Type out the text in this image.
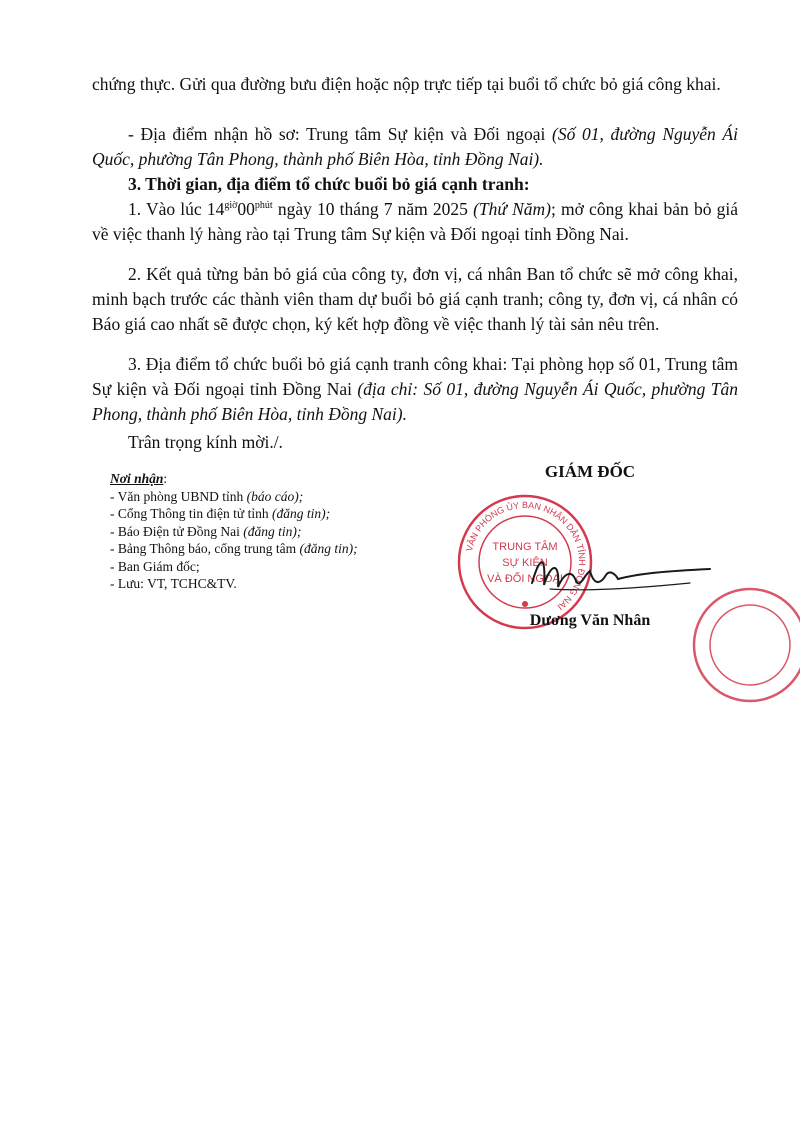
chứng thực. Gửi qua đường bưu điện hoặc nộp trực tiếp tại buổi tổ chức bỏ giá công khai.
- Địa điểm nhận hồ sơ: Trung tâm Sự kiện và Đối ngoại (Số 01, đường Nguyễn Ái Quốc, phường Tân Phong, thành phố Biên Hòa, tỉnh Đồng Nai).
3. Thời gian, địa điểm tổ chức buổi bỏ giá cạnh tranh:
1. Vào lúc $14^{giờ}00^{phút}$ ngày 10 tháng 7 năm 2025 (Thứ Năm); mở công khai bản bỏ giá về việc thanh lý hàng rào tại Trung tâm Sự kiện và Đối ngoại tỉnh Đồng Nai.
2. Kết quả từng bản bỏ giá của công ty, đơn vị, cá nhân Ban tổ chức sẽ mở công khai, minh bạch trước các thành viên tham dự buổi bỏ giá cạnh tranh; công ty, đơn vị, cá nhân có Báo giá cao nhất sẽ được chọn, ký kết hợp đồng về việc thanh lý tài sản nêu trên.
3. Địa điểm tổ chức buổi bỏ giá cạnh tranh công khai: Tại phòng họp số 01, Trung tâm Sự kiện và Đối ngoại tỉnh Đồng Nai (địa chỉ: Số 01, đường Nguyễn Ái Quốc, phường Tân Phong, thành phố Biên Hòa, tỉnh Đồng Nai).
Trân trọng kính mời./.
Nơi nhận:
- Văn phòng UBND tỉnh (báo cáo);
- Cổng Thông tin điện tử tỉnh (đăng tin);
- Báo Điện tử Đồng Nai (đăng tin);
- Bảng Thông báo, cổng trung tâm (đăng tin);
- Ban Giám đốc;
- Lưu: VT, TCHC&TV.
GIÁM ĐỐC
VĂN PHÒNG ỦY BAN NHÂN DÂN TỈNH ĐỒNG NAI
TRUNG TÂM
SỰ KIỆN
VÀ ĐỐI NGOẠI
Dương Văn Nhân
